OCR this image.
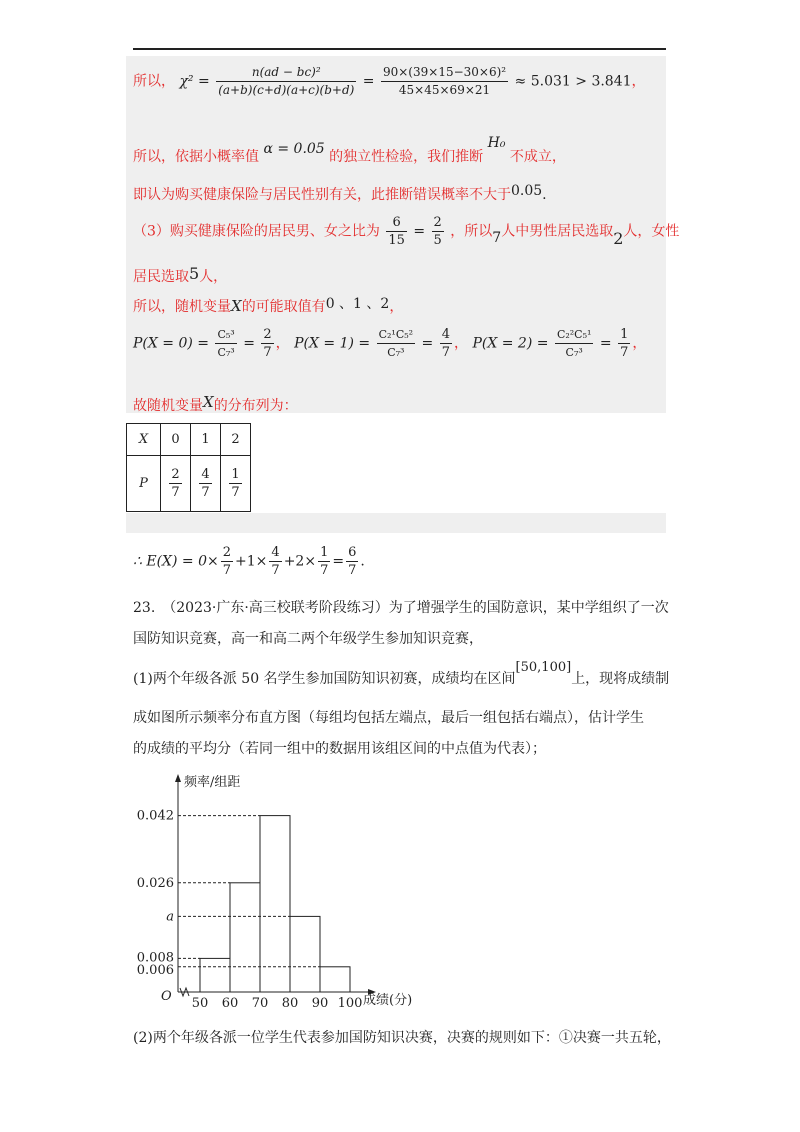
所以， $\chi^2 = \frac{\text{n(ad − bc)²}}{(a+b)(c+d)(a+c)(b+d)} = \frac{\text{90×(39×15−30×6)²}}{45\times 45\times 69\times 21} \approx 5.031 > 3.841$，
所以，依据小概率值 α = 0.05 的独立性检验，我们推断 H₀ 不成立，
即认为购买健康保险与居民性别有关，此推断错误概率不大于0.05.
（3）购买健康保险的居民男、女之比为 $\frac{6}{15} = \frac{2}{5}$ ，所以7人中男性居民选取2人，女性
居民选取5人，
所以，随机变量X的可能取值有0 、1 、2，
$P(X = 0) = \frac{\text{C₅³}}{\text{C₇³}} = \frac{2}{7}$ ， $P(X = 1) = \frac{\text{C₂¹C₅²}}{\text{C₇³}} = \frac{4}{7}$ ， $P(X = 2) = \frac{\text{C₂²C₅¹}}{\text{C₇³}} = \frac{1}{7}$ ，
故随机变量X的分布列为：
X	0	1	2
P	$\frac{2}{7}$	$\frac{4}{7}$	$\frac{1}{7}$
∴ $E(X) = 0\times \frac{2}{7} +1\times \frac{4}{7} +2\times \frac{1}{7} = \frac{6}{7}$ .
23.　（2023·广东·高三校联考阶段练习）为了增强学生的国防意识，某中学组织了一次
国防知识竞赛，高一和高二两个年级学生参加知识竞赛，
(1)两个年级各派 50 名学生参加国防知识初赛，成绩均在区间[50,100]上，现将成绩制
成如图所示频率分布直方图（每组均包括左端点，最后一组包括右端点），估计学生
的成绩的平均分（若同一组中的数据用该组区间的中点值为代表）；
频率/组距
成绩(分)
O
0.042
0.026
a
0.008
0.006
50 60 70 80 90 100
(2)两个年级各派一位学生代表参加国防知识决赛，决赛的规则如下：①决赛一共五轮，
